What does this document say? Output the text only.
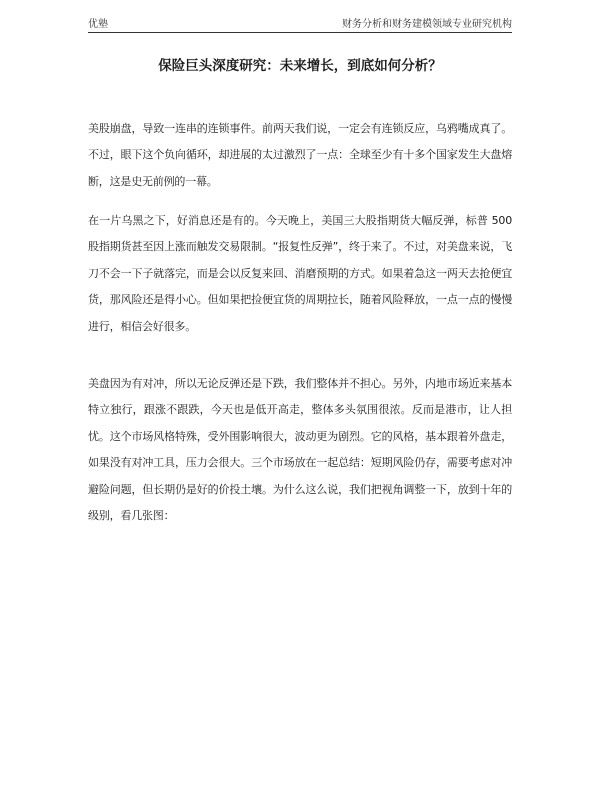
优塾	财务分析和财务建模领域专业研究机构
保险巨头深度研究：未来增长，到底如何分析？
美股崩盘，导致一连串的连锁事件。前两天我们说，一定会有连锁反应，乌鸦嘴成真了。不过，眼下这个负向循环，却进展的太过激烈了一点：全球至少有十多个国家发生大盘熔断，这是史无前例的一幕。
在一片乌黑之下，好消息还是有的。今天晚上，美国三大股指期货大幅反弹，标普 500 股指期货甚至因上涨而触发交易限制。“报复性反弹”，终于来了。不过，对美盘来说，飞刀不会一下子就落完，而是会以反复来回、消磨预期的方式。如果着急这一两天去抢便宜货，那风险还是得小心。但如果把捡便宜货的周期拉长，随着风险释放，一点一点的慢慢进行，相信会好很多。
美盘因为有对冲，所以无论反弹还是下跌，我们整体并不担心。另外，内地市场近来基本特立独行，跟涨不跟跌，今天也是低开高走，整体多头氛围很浓。反而是港市，让人担忧。这个市场风格特殊，受外围影响很大，波动更为剧烈。它的风格，基本跟着外盘走，如果没有对冲工具，压力会很大。三个市场放在一起总结：短期风险仍存，需要考虑对冲避险问题，但长期仍是好的价投土壤。为什么这么说，我们把视角调整一下，放到十年的级别，看几张图：
